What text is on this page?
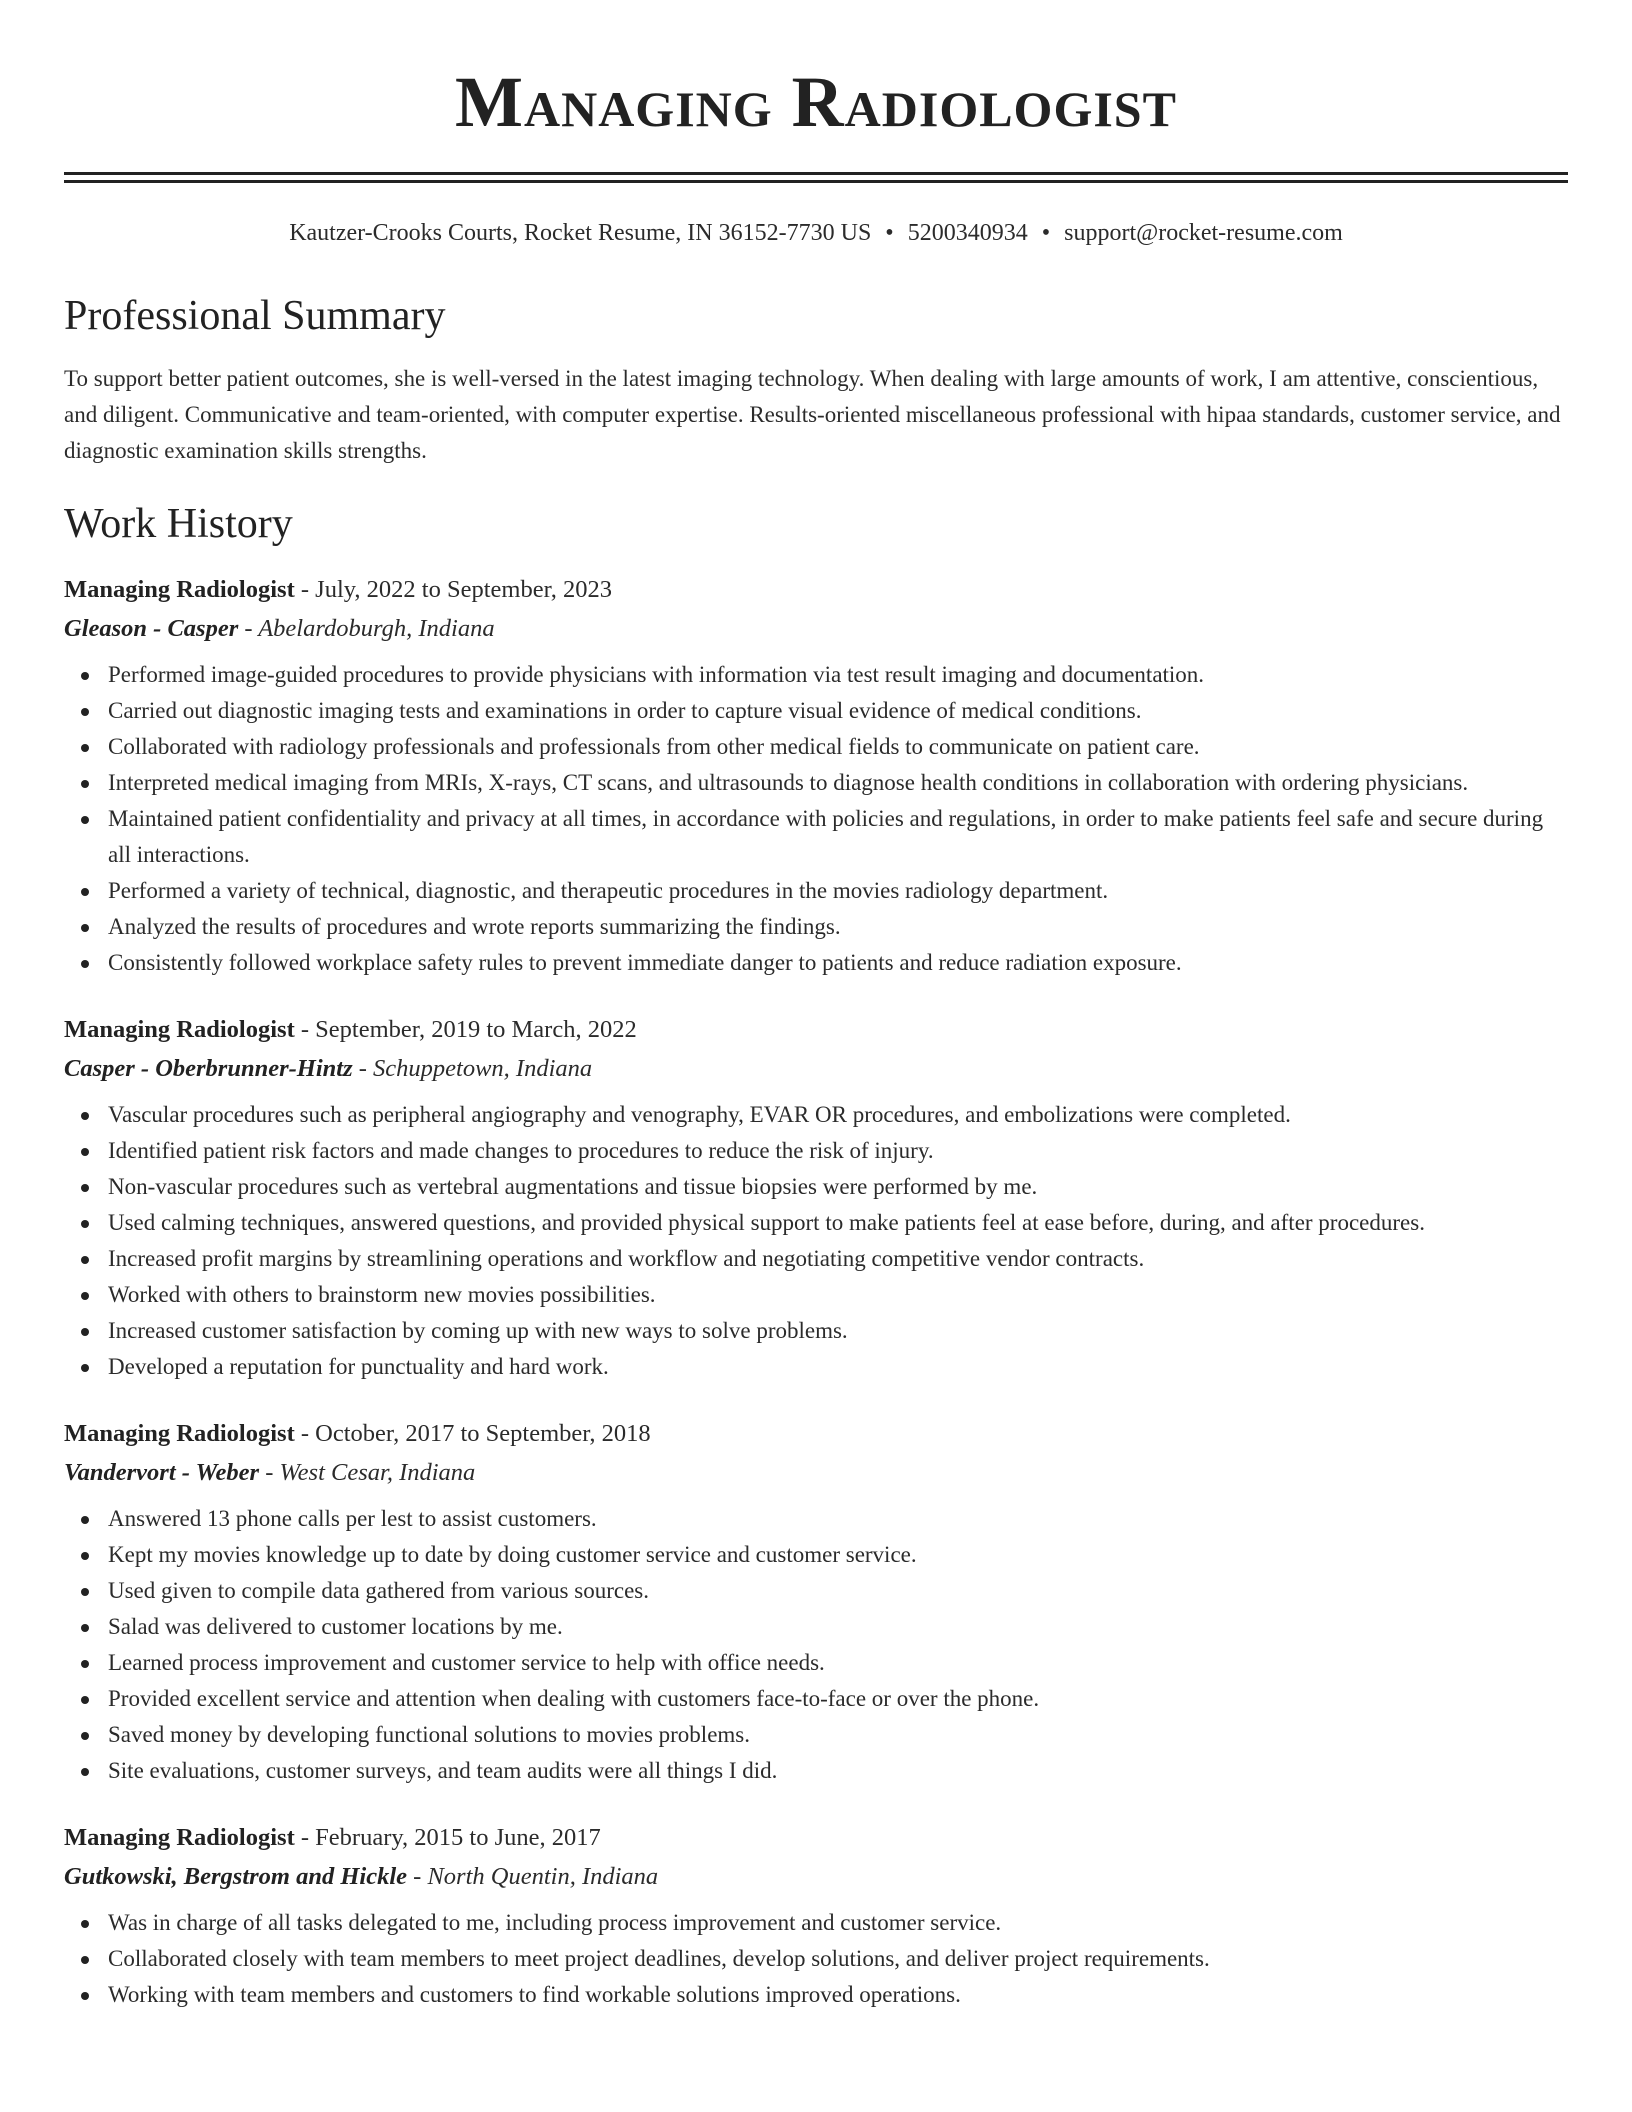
Managing Radiologist
Kautzer-Crooks Courts, Rocket Resume, IN 36152-7730 US • 5200340934 • support@rocket-resume.com
Professional Summary

To support better patient outcomes, she is well-versed in the latest imaging technology. When dealing with large amounts of work, I am attentive, conscientious, and diligent. Communicative and team-oriented, with computer expertise. Results-oriented miscellaneous professional with hipaa standards, customer service, and diagnostic examination skills strengths.

Work History
Managing Radiologist - July, 2022 to September, 2023
Gleason - Casper - Abelardoburgh, Indiana
Performed image-guided procedures to provide physicians with information via test result imaging and documentation.
Carried out diagnostic imaging tests and examinations in order to capture visual evidence of medical conditions.
Collaborated with radiology professionals and professionals from other medical fields to communicate on patient care.
Interpreted medical imaging from MRIs, X-rays, CT scans, and ultrasounds to diagnose health conditions in collaboration with ordering physicians.
Maintained patient confidentiality and privacy at all times, in accordance with policies and regulations, in order to make patients feel safe and secure during all interactions.
Performed a variety of technical, diagnostic, and therapeutic procedures in the movies radiology department.
Analyzed the results of procedures and wrote reports summarizing the findings.
Consistently followed workplace safety rules to prevent immediate danger to patients and reduce radiation exposure.
Managing Radiologist - September, 2019 to March, 2022
Casper - Oberbrunner-Hintz - Schuppetown, Indiana
Vascular procedures such as peripheral angiography and venography, EVAR OR procedures, and embolizations were completed.
Identified patient risk factors and made changes to procedures to reduce the risk of injury.
Non-vascular procedures such as vertebral augmentations and tissue biopsies were performed by me.
Used calming techniques, answered questions, and provided physical support to make patients feel at ease before, during, and after procedures.
Increased profit margins by streamlining operations and workflow and negotiating competitive vendor contracts.
Worked with others to brainstorm new movies possibilities.
Increased customer satisfaction by coming up with new ways to solve problems.
Developed a reputation for punctuality and hard work.
Managing Radiologist - October, 2017 to September, 2018
Vandervort - Weber - West Cesar, Indiana
Answered 13 phone calls per lest to assist customers.
Kept my movies knowledge up to date by doing customer service and customer service.
Used given to compile data gathered from various sources.
Salad was delivered to customer locations by me.
Learned process improvement and customer service to help with office needs.
Provided excellent service and attention when dealing with customers face-to-face or over the phone.
Saved money by developing functional solutions to movies problems.
Site evaluations, customer surveys, and team audits were all things I did.
Managing Radiologist - February, 2015 to June, 2017
Gutkowski, Bergstrom and Hickle - North Quentin, Indiana
Was in charge of all tasks delegated to me, including process improvement and customer service.
Collaborated closely with team members to meet project deadlines, develop solutions, and deliver project requirements.
Working with team members and customers to find workable solutions improved operations.
